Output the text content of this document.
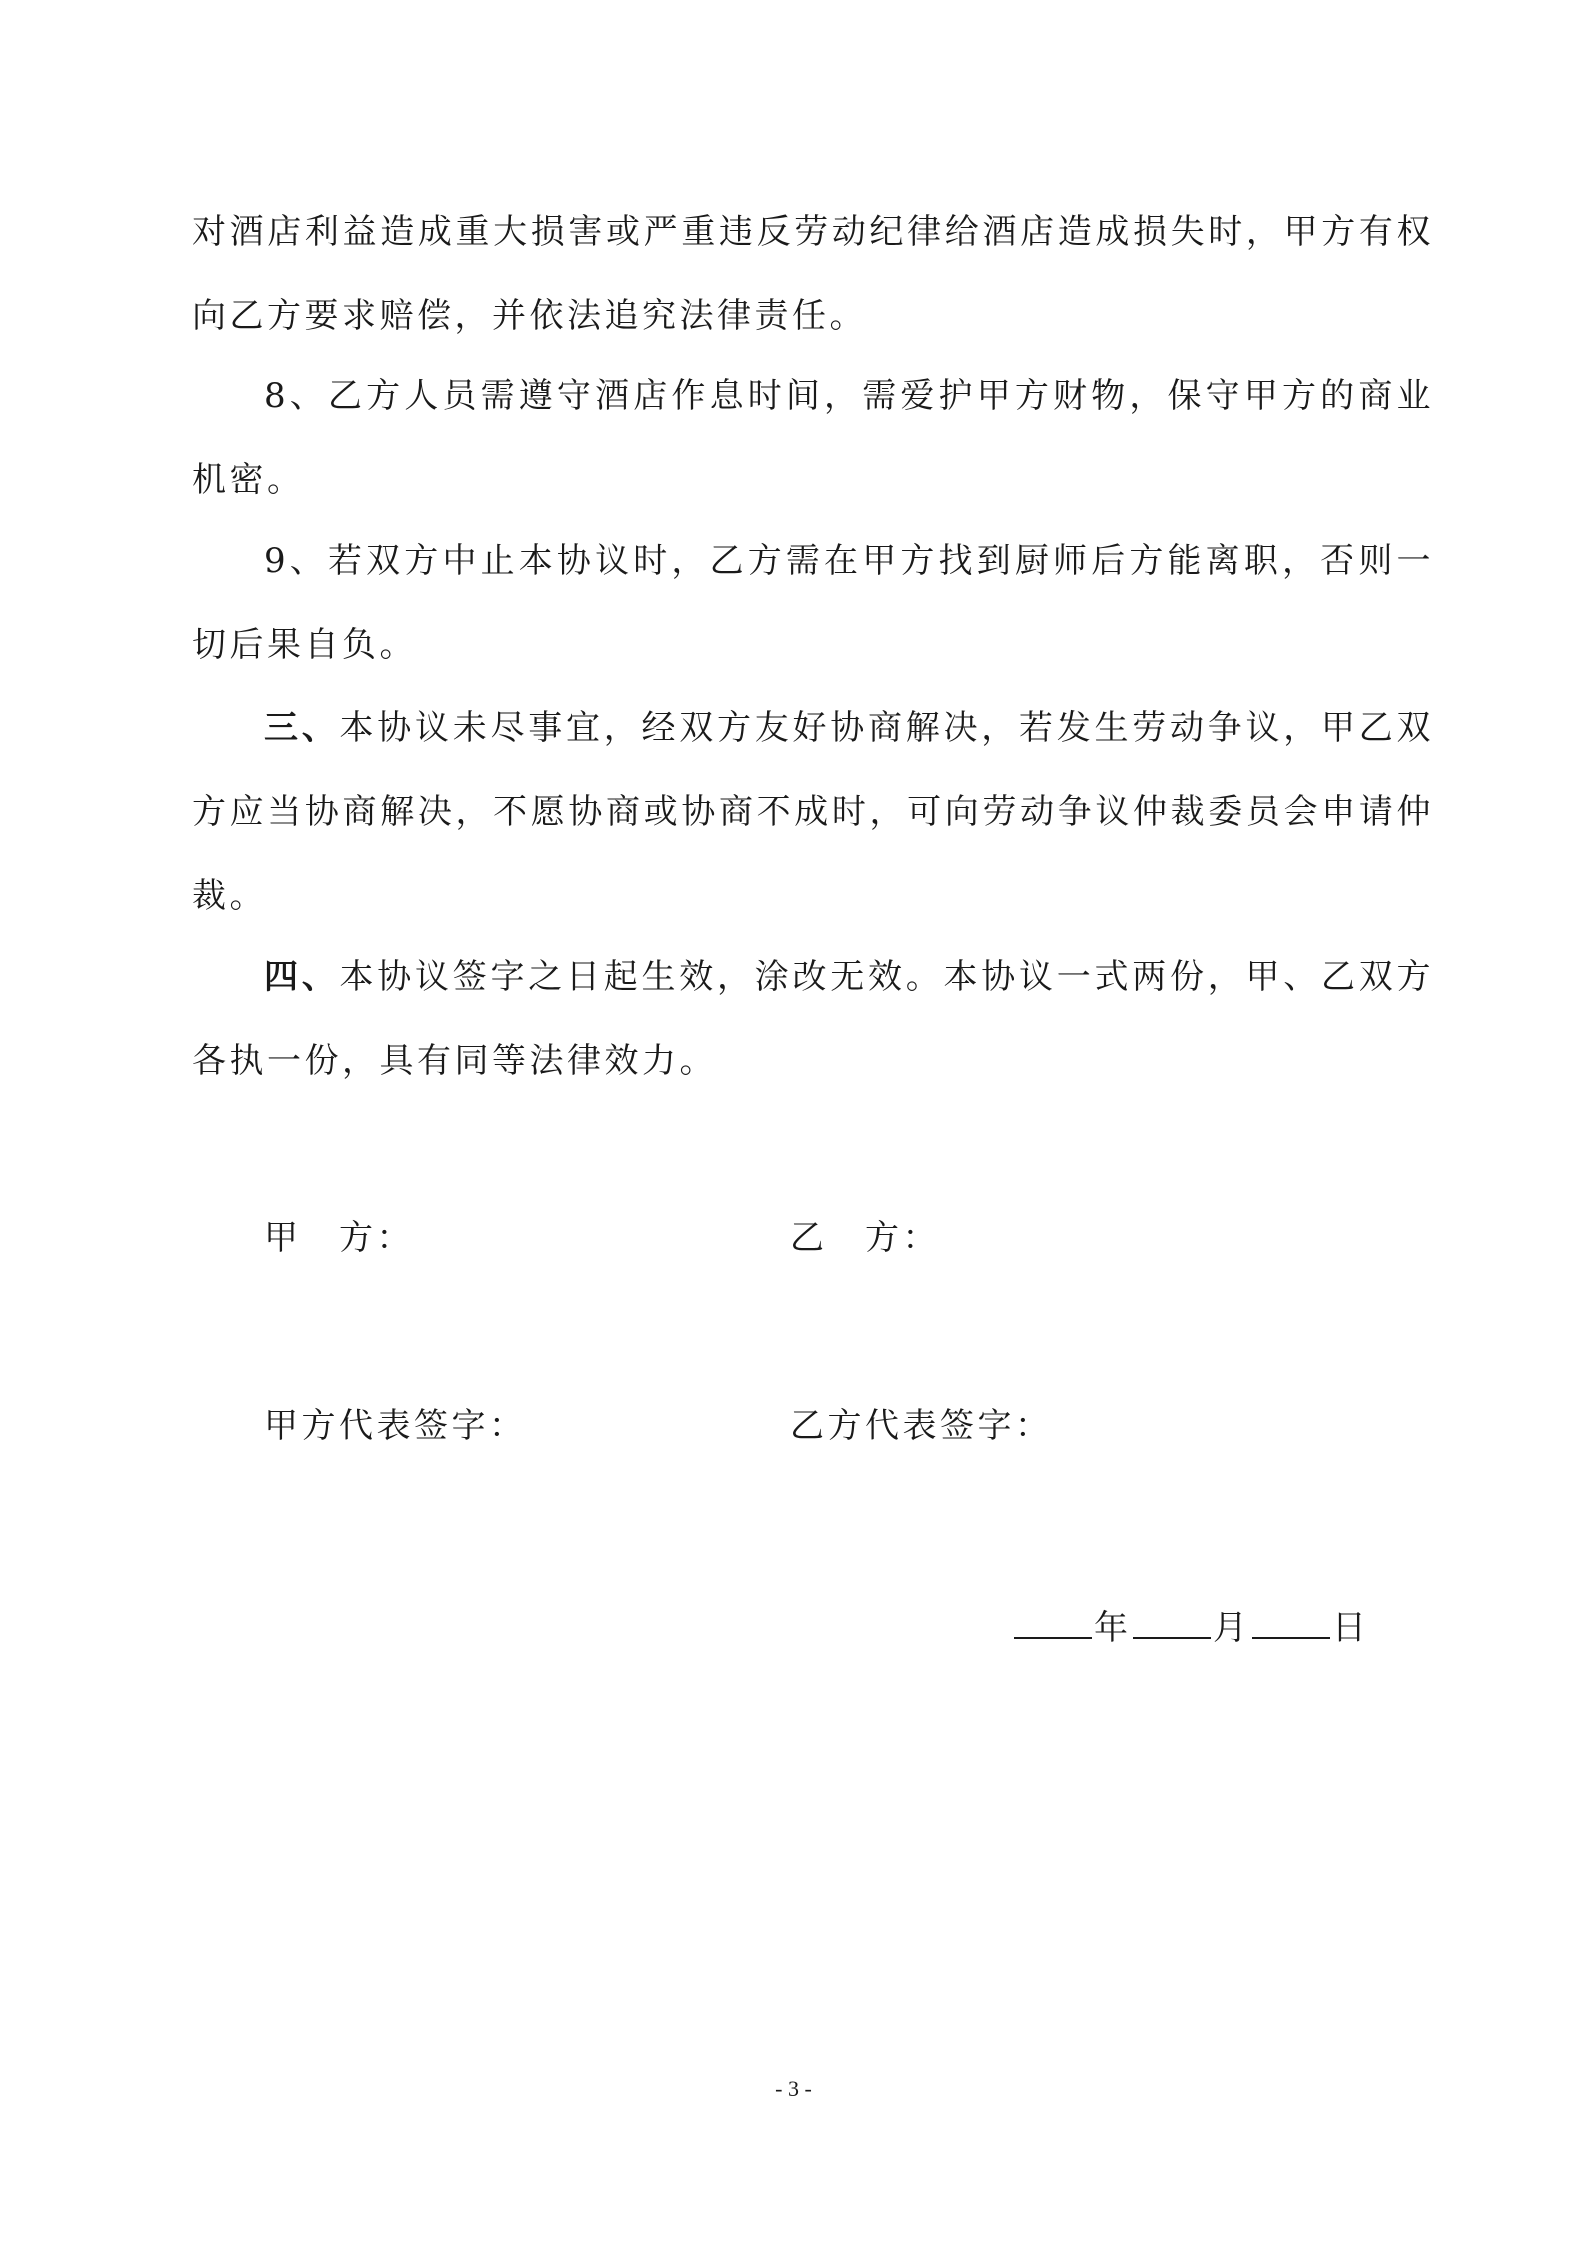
对酒店利益造成重大损害或严重违反劳动纪律给酒店造成损失时，甲方有权向乙方要求赔偿，并依法追究法律责任。

8、乙方人员需遵守酒店作息时间，需爱护甲方财物，保守甲方的商业机密。

9、若双方中止本协议时，乙方需在甲方找到厨师后方能离职，否则一切后果自负。

三、本协议未尽事宜，经双方友好协商解决，若发生劳动争议，甲乙双方应当协商解决，不愿协商或协商不成时，可向劳动争议仲裁委员会申请仲裁。

四、本协议签字之日起生效，涂改无效。本协议一式两份，甲、乙双方各执一份，具有同等法律效力。

甲　方：	乙　方：
甲方代表签字：	乙方代表签字：
年 月 日
- 3 -
